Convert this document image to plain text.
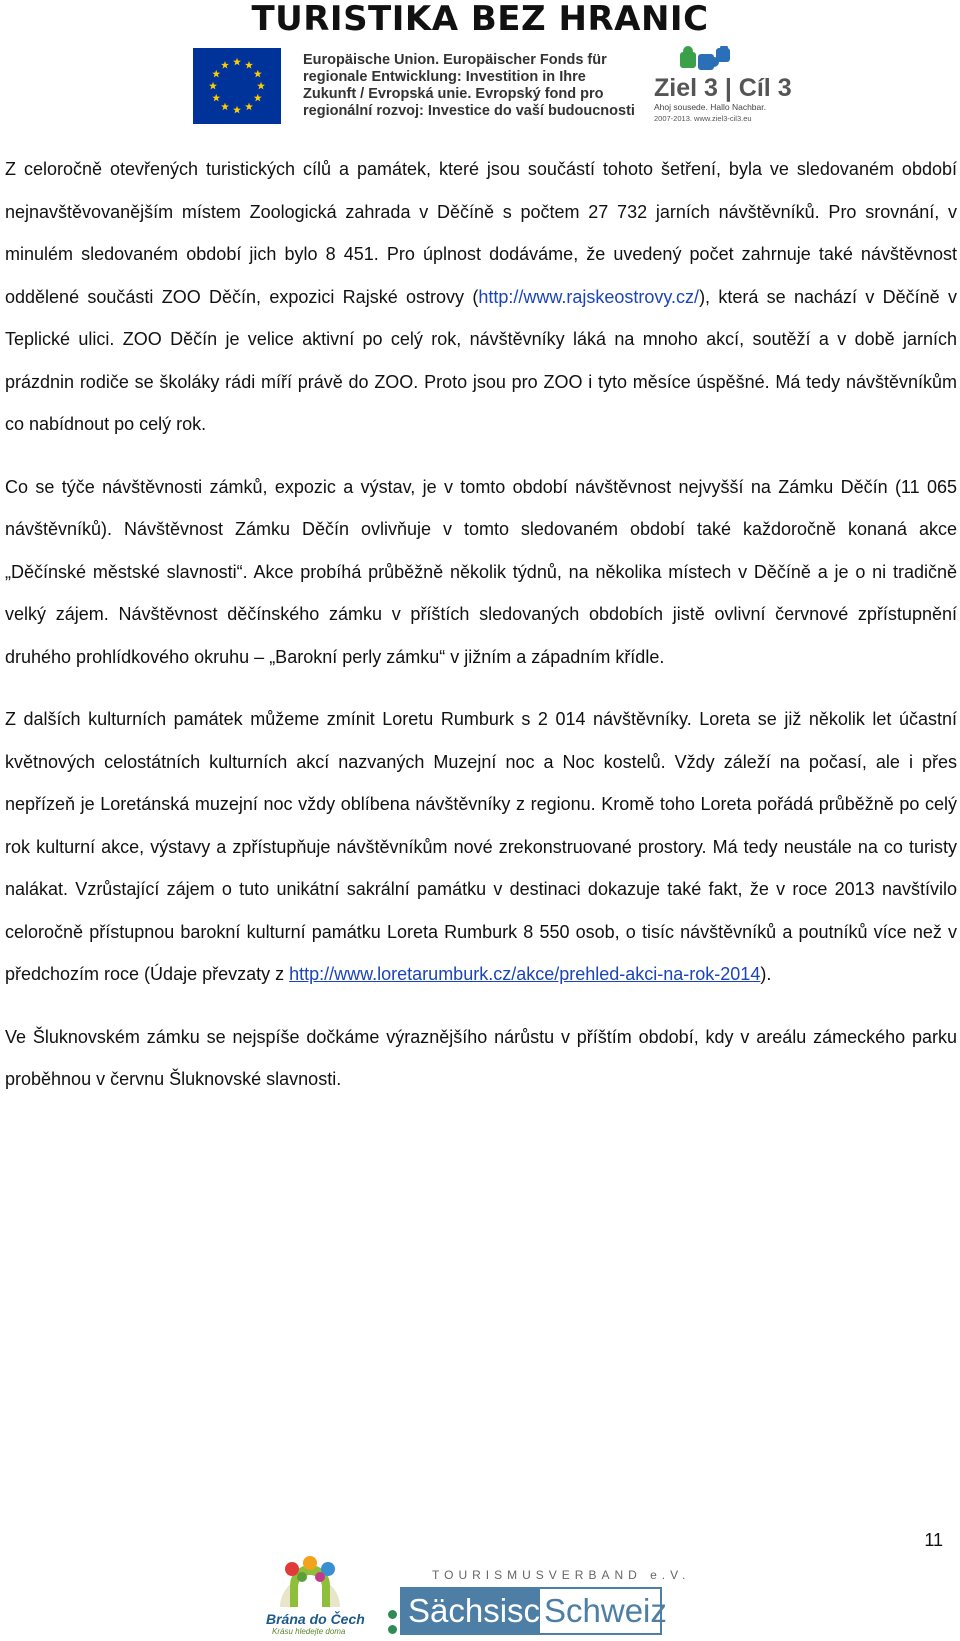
TURISTIKA BEZ HRANIC
Europäische Union. Europäischer Fonds für
regionale Entwicklung: Investition in Ihre
Zukunft / Evropská unie. Evropský fond pro
regionální rozvoj: Investice do vaší budoucnosti
Ziel 3 | Cíl 3
Ahoj sousede. Hallo Nachbar.
2007-2013. www.ziel3-cil3.eu

Z celoročně otevřených turistických cílů a památek, které jsou součástí tohoto šetření, byla ve sledovaném období nejnavštěvovanějším místem Zoologická zahrada v Děčíně s počtem 27 732 jarních návštěvníků. Pro srovnání, v minulém sledovaném období jich bylo 8 451. Pro úplnost dodáváme, že uvedený počet zahrnuje také návštěvnost oddělené součásti ZOO Děčín, expozici Rajské ostrovy (http://www.rajskeostrovy.cz/), která se nachází v Děčíně v Teplické ulici. ZOO Děčín je velice aktivní po celý rok, návštěvníky láká na mnoho akcí, soutěží a v době jarních prázdnin rodiče se školáky rádi míří právě do ZOO. Proto jsou pro ZOO i tyto měsíce úspěšné. Má tedy návštěvníkům co nabídnout po celý rok.

Co se týče návštěvnosti zámků, expozic a výstav, je v tomto období návštěvnost nejvyšší na Zámku Děčín (11 065 návštěvníků). Návštěvnost Zámku Děčín ovlivňuje v tomto sledovaném období také každoročně konaná akce „Děčínské městské slavnosti“. Akce probíhá průběžně několik týdnů, na několika místech v Děčíně a je o ni tradičně velký zájem. Návštěvnost děčínského zámku v příštích sledovaných obdobích jistě ovlivní červnové zpřístupnění druhého prohlídkového okruhu – „Barokní perly zámku“ v jižním a západním křídle.

Z dalších kulturních památek můžeme zmínit Loretu Rumburk s 2 014 návštěvníky. Loreta se již několik let účastní květnových celostátních kulturních akcí nazvaných Muzejní noc a Noc kostelů. Vždy záleží na počasí, ale i přes nepřízeň je Loretánská muzejní noc vždy oblíbena návštěvníky z regionu. Kromě toho Loreta pořádá průběžně po celý rok kulturní akce, výstavy a zpřístupňuje návštěvníkům nové zrekonstruované prostory. Má tedy neustále na co turisty nalákat. Vzrůstající zájem o tuto unikátní sakrální památku v destinaci dokazuje také fakt, že v roce 2013 navštívilo celoročně přístupnou barokní kulturní památku Loreta Rumburk 8 550 osob, o tisíc návštěvníků a poutníků více než v předchozím roce (Údaje převzaty z http://www.loretarumburk.cz/akce/prehled-akci-na-rok-2014).

Ve Šluknovském zámku se nejspíše dočkáme výraznějšího nárůstu v příštím období, kdy v areálu zámeckého parku proběhnou v červnu Šluknovské slavnosti.

11
Brána do Čech
Krásu hledejte doma
TOURISMUSVERBAND e.V.
Sächsische
Schweiz
